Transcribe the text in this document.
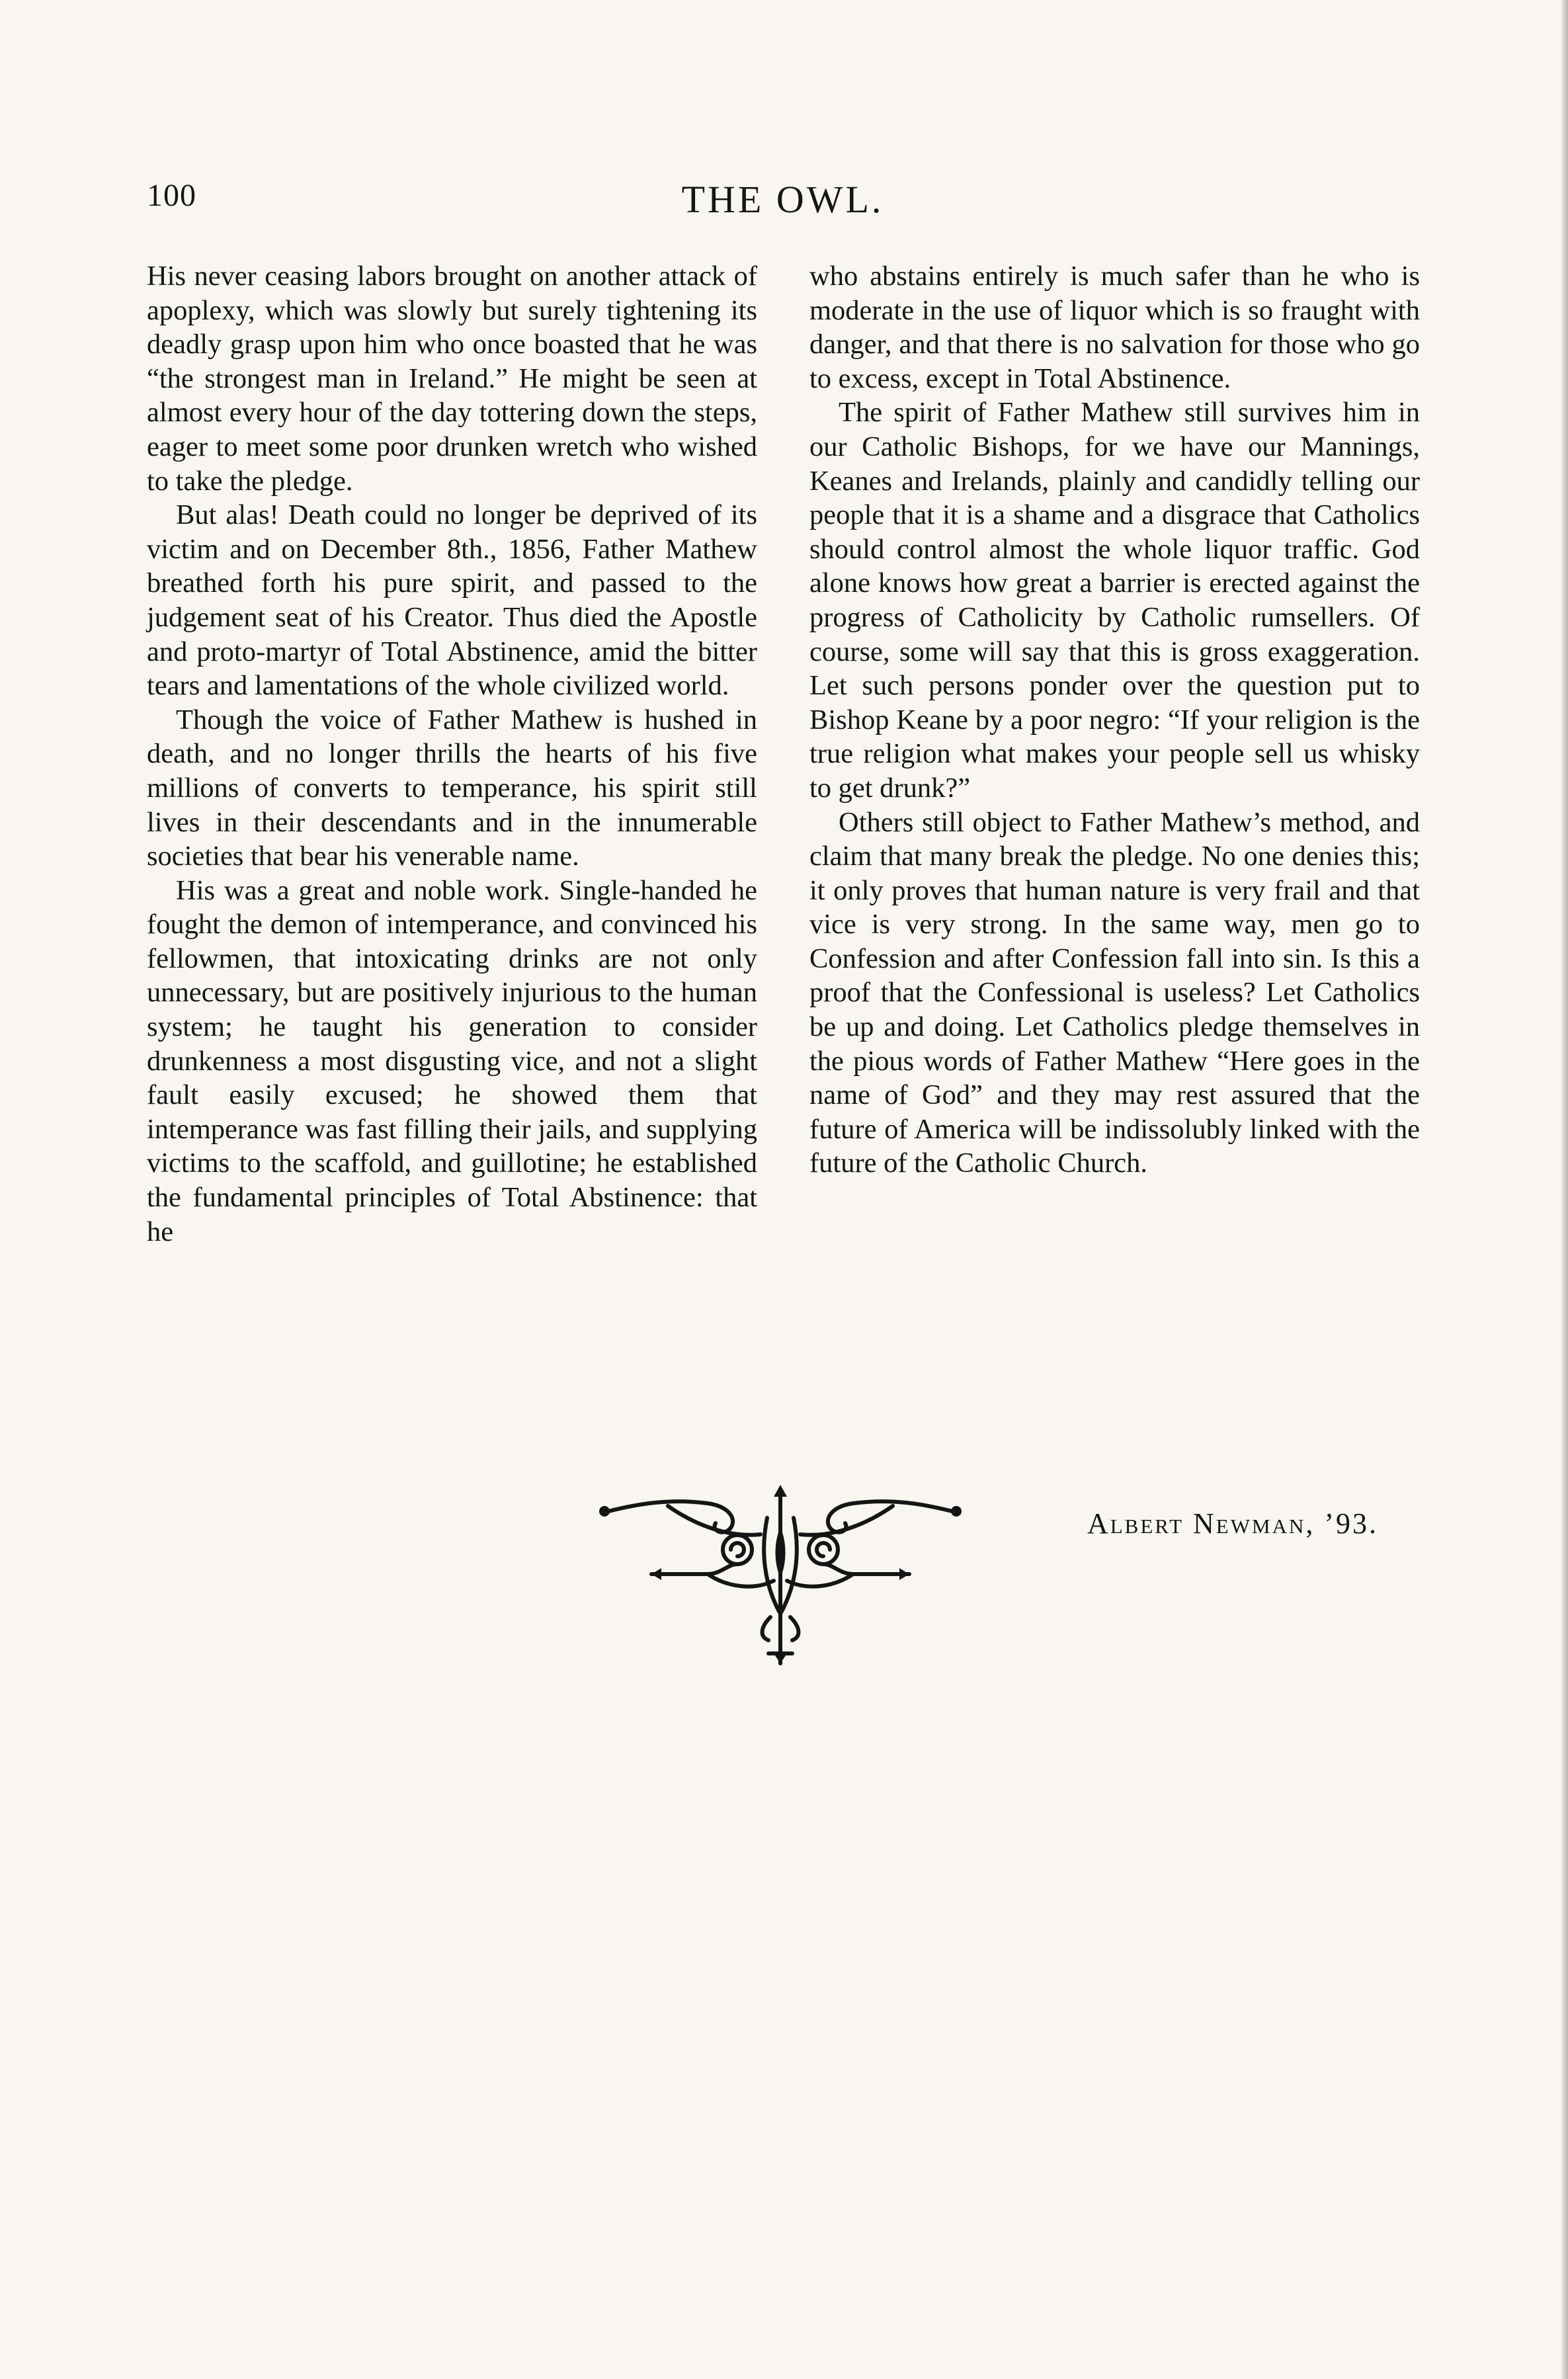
100	THE OWL.

His never ceasing labors brought on another attack of apoplexy, which was slowly but surely tightening its deadly grasp upon him who once boasted that he was “the strongest man in Ireland.” He might be seen at almost every hour of the day tottering down the steps, eager to meet some poor drunken wretch who wished to take the pledge.

But alas! Death could no longer be deprived of its victim and on December 8th., 1856, Father Mathew breathed forth his pure spirit, and passed to the judgement seat of his Creator. Thus died the Apostle and proto-martyr of Total Abstinence, amid the bitter tears and lamentations of the whole civilized world.

Though the voice of Father Mathew is hushed in death, and no longer thrills the hearts of his five millions of converts to temperance, his spirit still lives in their descendants and in the innumerable societies that bear his venerable name.

His was a great and noble work. Single-handed he fought the demon of intemperance, and convinced his fellowmen, that intoxicating drinks are not only unnecessary, but are positively injurious to the human system; he taught his generation to consider drunkenness a most disgusting vice, and not a slight fault easily excused; he showed them that intemperance was fast filling their jails, and supplying victims to the scaffold, and guillotine; he established the fundamental principles of Total Abstinence: that he

who abstains entirely is much safer than he who is moderate in the use of liquor which is so fraught with danger, and that there is no salvation for those who go to excess, except in Total Abstinence.

The spirit of Father Mathew still survives him in our Catholic Bishops, for we have our Mannings, Keanes and Irelands, plainly and candidly telling our people that it is a shame and a disgrace that Catholics should control almost the whole liquor traffic. God alone knows how great a barrier is erected against the progress of Catholicity by Catholic rumsellers. Of course, some will say that this is gross exaggeration. Let such persons ponder over the question put to Bishop Keane by a poor negro: “If your religion is the true religion what makes your people sell us whisky to get drunk?”

Others still object to Father Mathew’s method, and claim that many break the pledge. No one denies this; it only proves that human nature is very frail and that vice is very strong. In the same way, men go to Confession and after Confession fall into sin. Is this a proof that the Confessional is useless? Let Catholics be up and doing. Let Catholics pledge themselves in the pious words of Father Mathew “Here goes in the name of God” and they may rest assured that the future of America will be indissolubly linked with the future of the Catholic Church.

Albert Newman, ’93.
